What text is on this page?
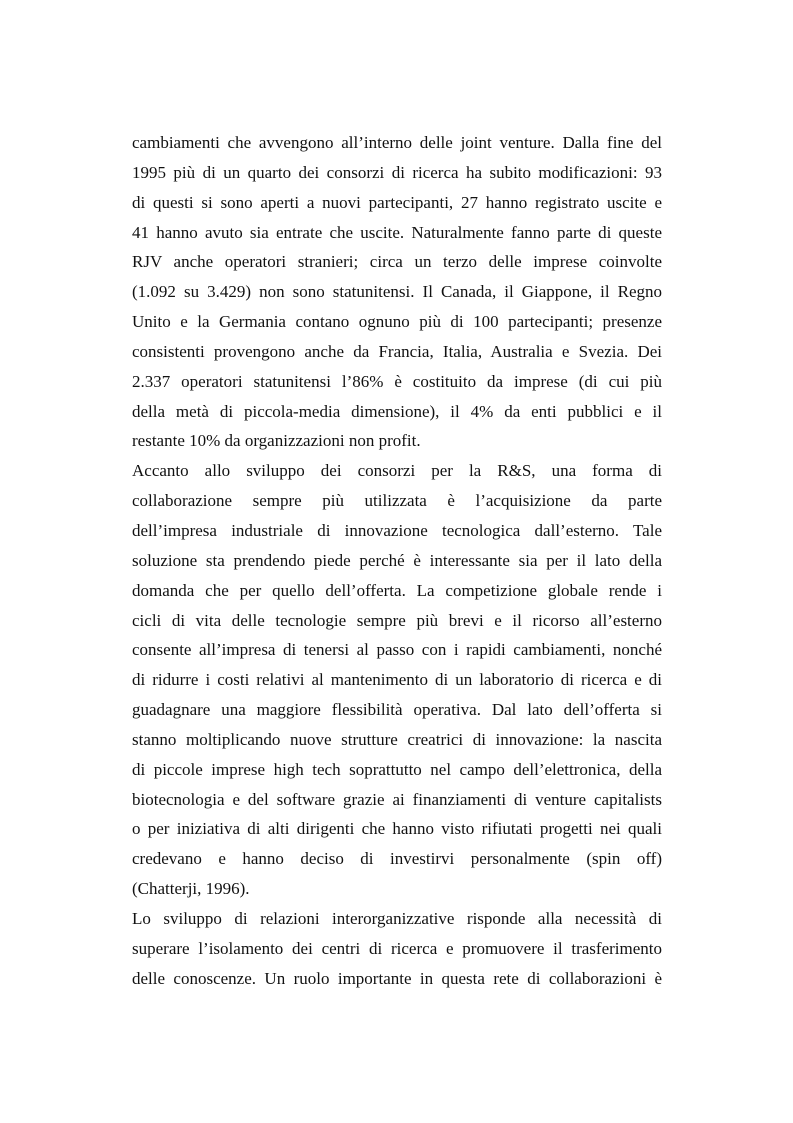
cambiamenti che avvengono all’interno delle joint venture. Dalla fine del
1995 più di un quarto dei consorzi di ricerca ha subito modificazioni: 93
di questi si sono aperti a nuovi partecipanti, 27 hanno registrato uscite e
41 hanno avuto sia entrate che uscite. Naturalmente fanno parte di queste
RJV anche operatori stranieri; circa un terzo delle imprese coinvolte
(1.092 su 3.429) non sono statunitensi. Il Canada, il Giappone, il Regno
Unito e la Germania contano ognuno più di 100 partecipanti; presenze
consistenti provengono anche da Francia, Italia, Australia e Svezia. Dei
2.337 operatori statunitensi l’86% è costituito da imprese (di cui più
della metà di piccola-media dimensione), il 4% da enti pubblici e il
restante 10% da organizzazioni non profit.
Accanto allo sviluppo dei consorzi per la R&S, una forma di
collaborazione sempre più utilizzata è l’acquisizione da parte
dell’impresa industriale di innovazione tecnologica dall’esterno. Tale
soluzione sta prendendo piede perché è interessante sia per il lato della
domanda che per quello dell’offerta. La competizione globale rende i
cicli di vita delle tecnologie sempre più brevi e il ricorso all’esterno
consente all’impresa di tenersi al passo con i rapidi cambiamenti, nonché
di ridurre i costi relativi al mantenimento di un laboratorio di ricerca e di
guadagnare una maggiore flessibilità operativa. Dal lato dell’offerta si
stanno moltiplicando nuove strutture creatrici di innovazione: la nascita
di piccole imprese high tech soprattutto nel campo dell’elettronica, della
biotecnologia e del software grazie ai finanziamenti di venture capitalists
o per iniziativa di alti dirigenti che hanno visto rifiutati progetti nei quali
credevano e hanno deciso di investirvi personalmente (spin off)
(Chatterji, 1996).
Lo sviluppo di relazioni interorganizzative risponde alla necessità di
superare l’isolamento dei centri di ricerca e promuovere il trasferimento
delle conoscenze. Un ruolo importante in questa rete di collaborazioni è
